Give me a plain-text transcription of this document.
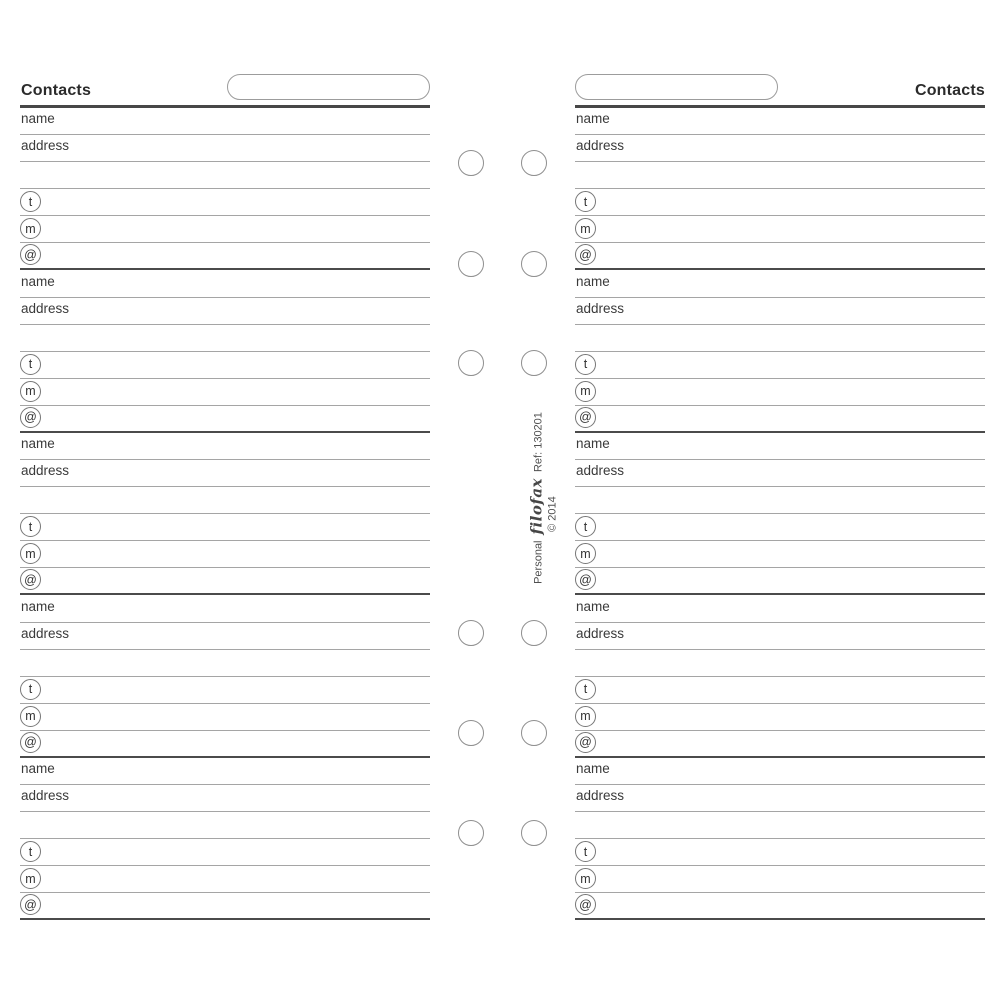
Contacts
name
address
t
m
@
name
address
t
m
@
name
address
t
m
@
name
address
t
m
@
name
address
t
m
@
Contacts
name
address
t
m
@
name
address
t
m
@
name
address
t
m
@
name
address
t
m
@
name
address
t
m
@
Personal
filofax
Ref: 130201
© 2014
